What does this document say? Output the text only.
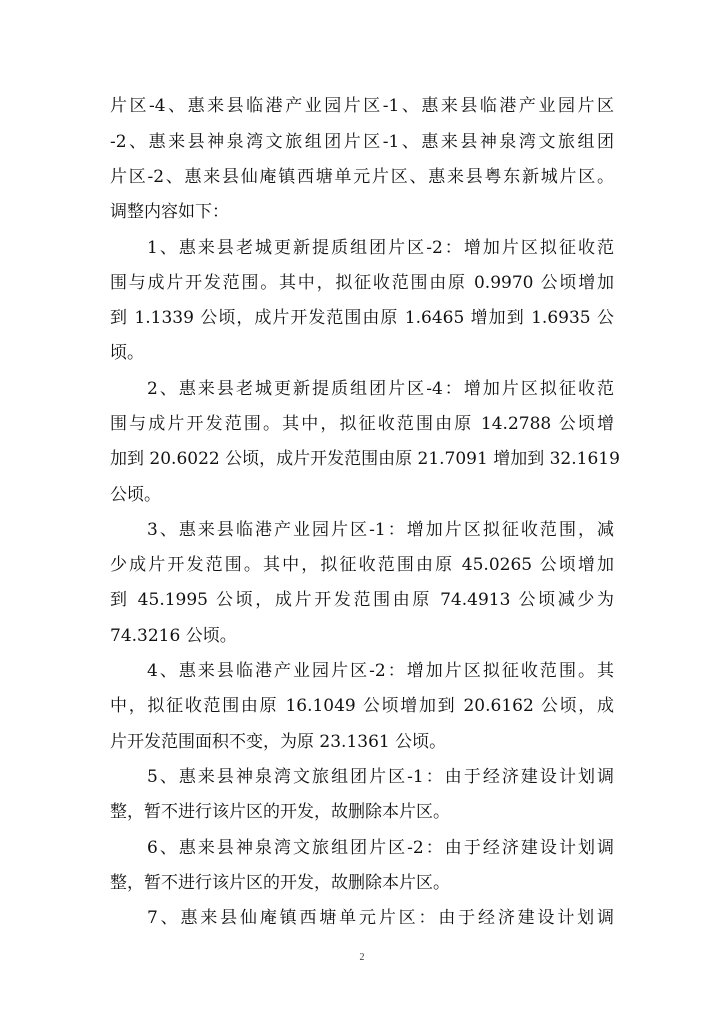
片区-4、惠来县临港产业园片区-1、惠来县临港产业园片区
-2、惠来县神泉湾文旅组团片区-1、惠来县神泉湾文旅组团
片区-2、惠来县仙庵镇西塘单元片区、惠来县粤东新城片区。
调整内容如下：
1、惠来县老城更新提质组团片区-2：增加片区拟征收范
围与成片开发范围。其中，拟征收范围由原 0.9970 公顷增加
到 1.1339 公顷，成片开发范围由原 1.6465 增加到 1.6935 公
顷。
2、惠来县老城更新提质组团片区-4：增加片区拟征收范
围与成片开发范围。其中，拟征收范围由原 14.2788 公顷增
加到 20.6022 公顷，成片开发范围由原 21.7091 增加到 32.1619
公顷。
3、惠来县临港产业园片区-1：增加片区拟征收范围，减
少成片开发范围。其中，拟征收范围由原 45.0265 公顷增加
到 45.1995 公顷，成片开发范围由原 74.4913 公顷减少为
74.3216 公顷。
4、惠来县临港产业园片区-2：增加片区拟征收范围。其
中，拟征收范围由原 16.1049 公顷增加到 20.6162 公顷，成
片开发范围面积不变，为原 23.1361 公顷。
5、惠来县神泉湾文旅组团片区-1：由于经济建设计划调
整，暂不进行该片区的开发，故删除本片区。
6、惠来县神泉湾文旅组团片区-2：由于经济建设计划调
整，暂不进行该片区的开发，故删除本片区。
7、惠来县仙庵镇西塘单元片区：由于经济建设计划调
2
